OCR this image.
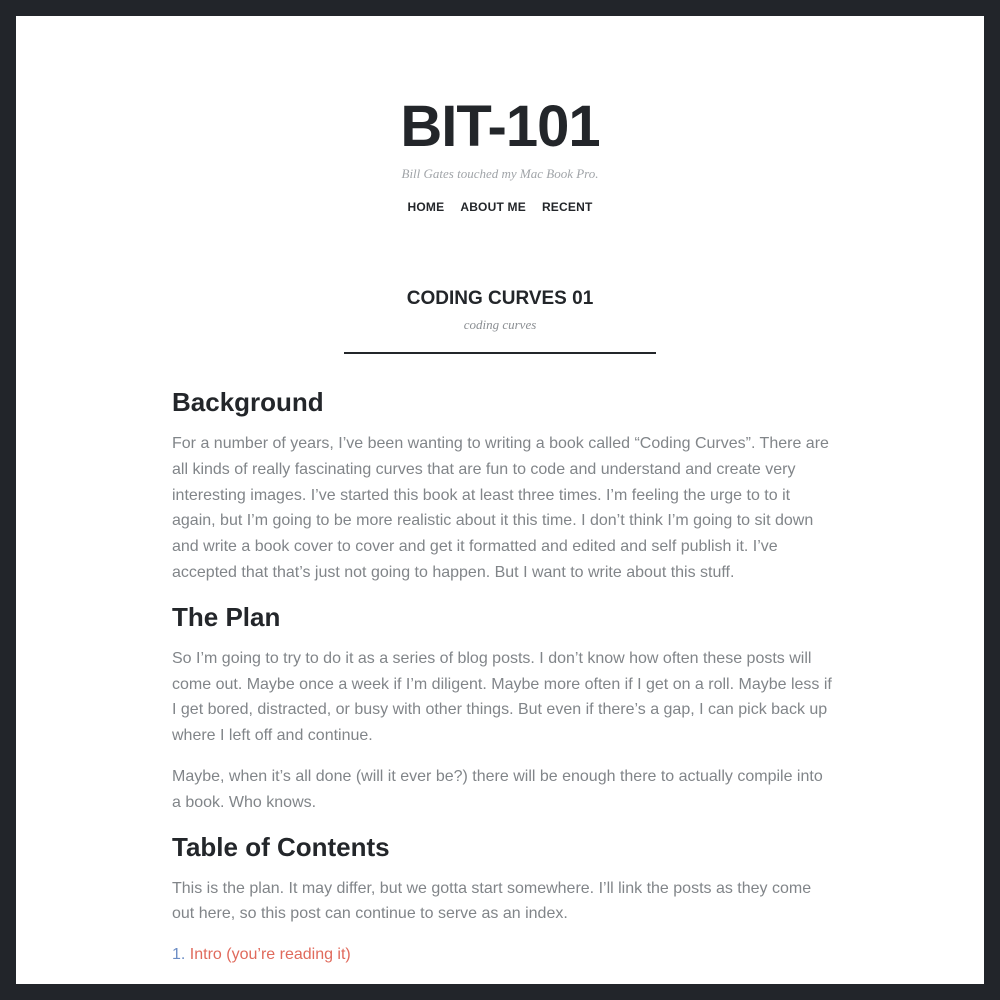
BIT-101
Bill Gates touched my Mac Book Pro.
HOME ABOUT ME RECENT
CODING CURVES 01
coding curves
Background

For a number of years, I’ve been wanting to writing a book called “Coding Curves”. There are all kinds of really fascinating curves that are fun to code and understand and create very interesting images. I’ve started this book at least three times. I’m feeling the urge to to it again, but I’m going to be more realistic about it this time. I don’t think I’m going to sit down and write a book cover to cover and get it formatted and edited and self publish it. I’ve accepted that that’s just not going to happen. But I want to write about this stuff.

The Plan

So I’m going to try to do it as a series of blog posts. I don’t know how often these posts will come out. Maybe once a week if I’m diligent. Maybe more often if I get on a roll. Maybe less if I get bored, distracted, or busy with other things. But even if there’s a gap, I can pick back up where I left off and continue.

Maybe, when it’s all done (will it ever be?) there will be enough there to actually compile into a book. Who knows.

Table of Contents

This is the plan. It may differ, but we gotta start somewhere. I’ll link the posts as they come out here, so this post can continue to serve as an index.

1. Intro (you’re reading it)
